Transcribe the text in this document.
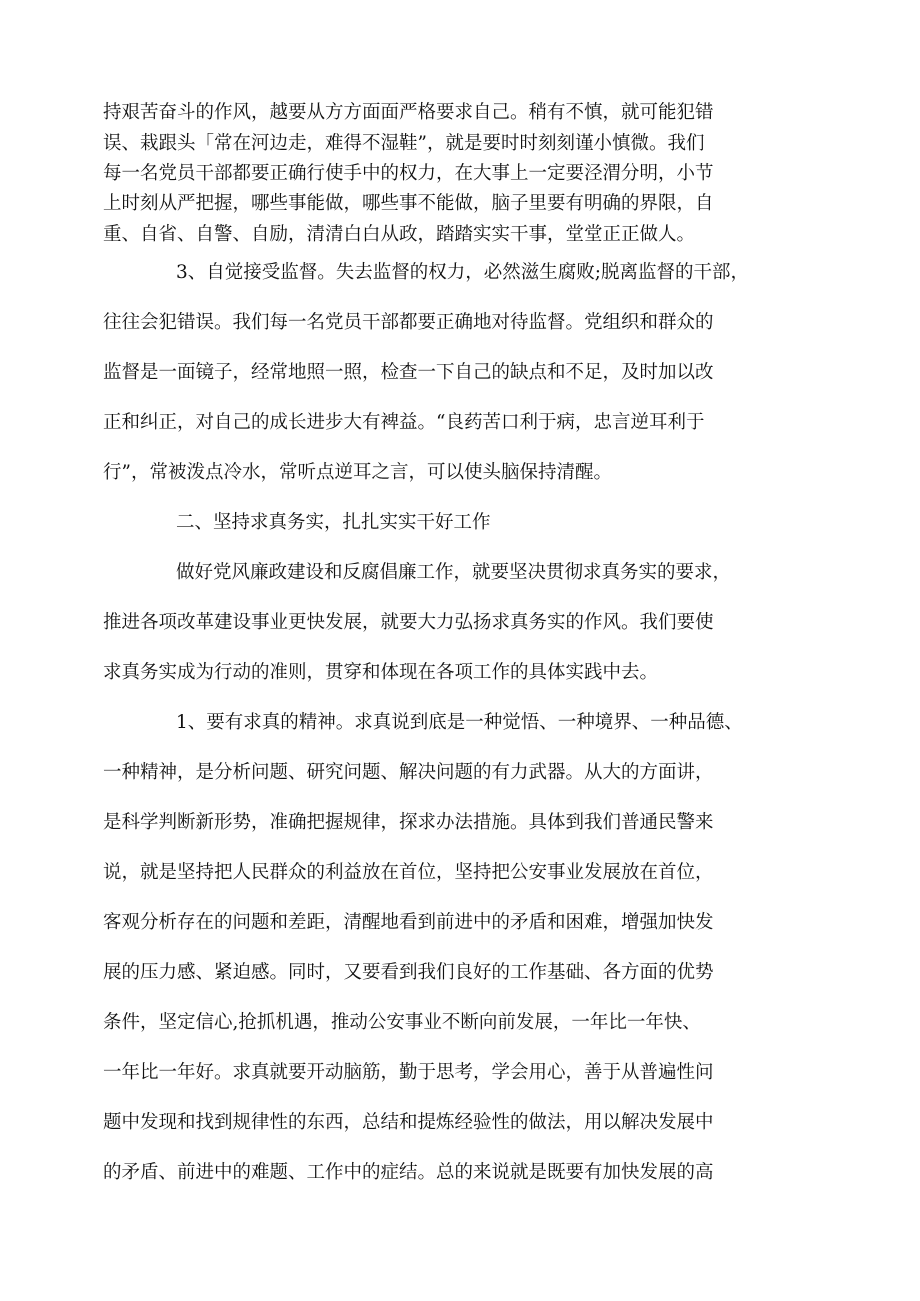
持艰苦奋斗的作风，越要从方方面面严格要求自己。稍有不慎，就可能犯错

误、栽跟头「常在河边走，难得不湿鞋”，就是要时时刻刻谨小慎微。我们

每一名党员干部都要正确行使手中的权力，在大事上一定要泾渭分明，小节

上时刻从严把握，哪些事能做，哪些事不能做，脑子里要有明确的界限，自

重、自省、自警、自励，清清白白从政，踏踏实实干事，堂堂正正做人。

3、自觉接受监督。失去监督的权力，必然滋生腐败;脱离监督的干部，

往往会犯错误。我们每一名党员干部都要正确地对待监督。党组织和群众的

监督是一面镜子，经常地照一照，检查一下自己的缺点和不足，及时加以改

正和纠正，对自己的成长进步大有裨益。“良药苦口利于病，忠言逆耳利于

行”，常被泼点冷水，常听点逆耳之言，可以使头脑保持清醒。

二、坚持求真务实，扎扎实实干好工作

做好党风廉政建设和反腐倡廉工作，就要坚决贯彻求真务实的要求，

推进各项改革建设事业更快发展，就要大力弘扬求真务实的作风。我们要使

求真务实成为行动的准则，贯穿和体现在各项工作的具体实践中去。

1、要有求真的精神。求真说到底是一种觉悟、一种境界、一种品德、

一种精神，是分析问题、研究问题、解决问题的有力武器。从大的方面讲，

是科学判断新形势，准确把握规律，探求办法措施。具体到我们普通民警来

说，就是坚持把人民群众的利益放在首位，坚持把公安事业发展放在首位，

客观分析存在的问题和差距，清醒地看到前进中的矛盾和困难，增强加快发

展的压力感、紧迫感。同时，又要看到我们良好的工作基础、各方面的优势

条件，坚定信心,抢抓机遇，推动公安事业不断向前发展，一年比一年快、

一年比一年好。求真就要开动脑筋，勤于思考，学会用心，善于从普遍性问

题中发现和找到规律性的东西，总结和提炼经验性的做法，用以解决发展中

的矛盾、前进中的难题、工作中的症结。总的来说就是既要有加快发展的高
